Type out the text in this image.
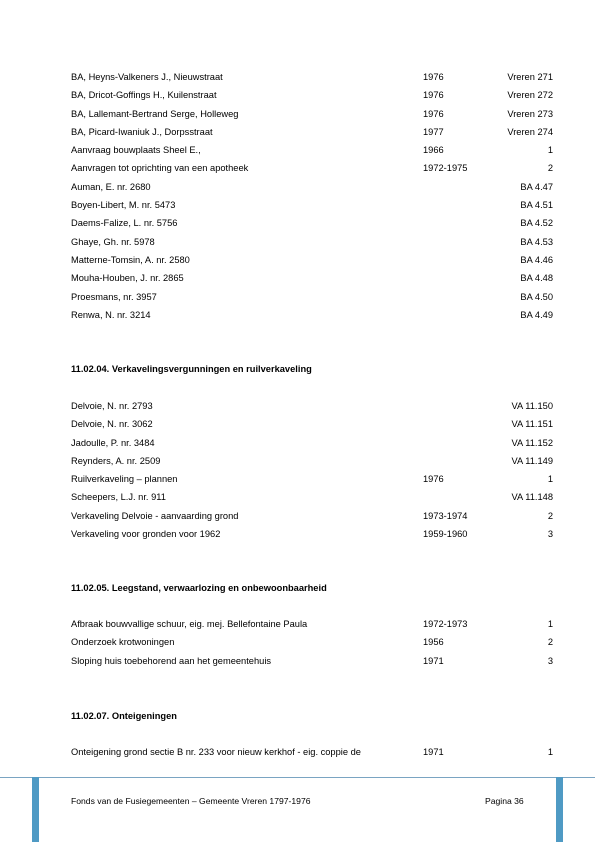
BA, Heyns-Valkeners J., Nieuwstraat	1976	Vreren 271
BA, Dricot-Goffings H., Kuilenstraat	1976	Vreren 272
BA, Lallemant-Bertrand Serge, Holleweg	1976	Vreren 273
BA, Picard-Iwaniuk J., Dorpsstraat	1977	Vreren 274
Aanvraag bouwplaats Sheel E.,	1966	1
Aanvragen tot oprichting van een apotheek	1972-1975	2
Auman, E. nr. 2680	BA 4.47
Boyen-Libert, M. nr. 5473	BA 4.51
Daems-Falize, L. nr. 5756	BA 4.52
Ghaye, Gh. nr. 5978	BA 4.53
Matterne-Tomsin, A. nr. 2580	BA 4.46
Mouha-Houben, J. nr. 2865	BA 4.48
Proesmans, nr. 3957	BA 4.50
Renwa, N. nr. 3214	BA 4.49
11.02.04. Verkavelingsvergunningen en ruilverkaveling
Delvoie, N. nr. 2793	VA 11.150
Delvoie, N. nr. 3062	VA 11.151
Jadoulle, P. nr. 3484	VA 11.152
Reynders, A. nr. 2509	VA 11.149
Ruilverkaveling – plannen	1976	1
Scheepers, L.J. nr. 911	VA 11.148
Verkaveling Delvoie - aanvaarding grond	1973-1974	2
Verkaveling voor gronden voor 1962	1959-1960	3
11.02.05. Leegstand, verwaarlozing en onbewoonbaarheid
Afbraak bouwvallige schuur, eig. mej. Bellefontaine Paula	1972-1973	1
Onderzoek krotwoningen	1956	2
Sloping huis toebehorend aan het gemeentehuis	1971	3
11.02.07. Onteigeningen
Onteigening grond sectie B nr. 233 voor nieuw kerkhof - eig. coppie de	1971	1
Fonds van de Fusiegemeenten – Gemeente Vreren 1797-1976	Pagina 36
